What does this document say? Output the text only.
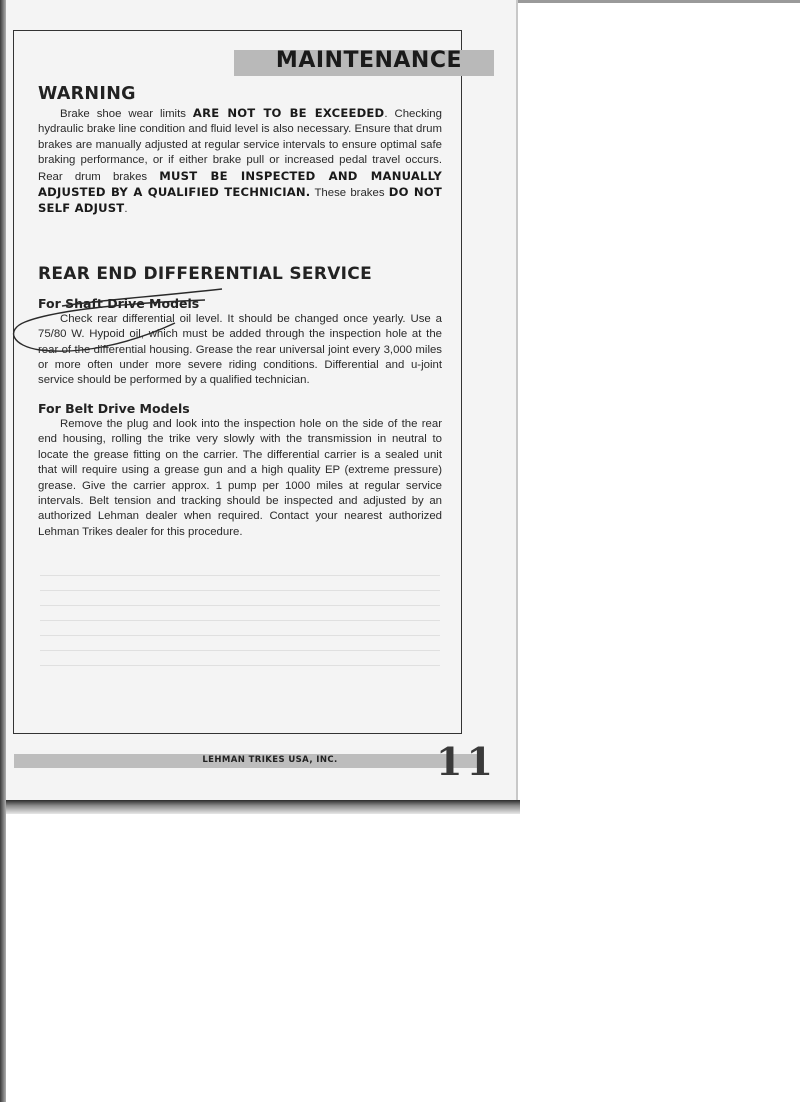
MAINTENANCE
WARNING

Brake shoe wear limits ARE NOT TO BE EXCEEDED. Checking hydraulic brake line condition and fluid level is also necessary. Ensure that drum brakes are manually adjusted at regular service intervals to ensure optimal safe braking performance, or if either brake pull or increased pedal travel occurs. Rear drum brakes MUST BE INSPECTED AND MANUALLY ADJUSTED BY A QUALIFIED TECHNICIAN. These brakes DO NOT SELF ADJUST.

REAR END DIFFERENTIAL SERVICE
For Shaft Drive Models

Check rear differential oil level. It should be changed once yearly. Use a 75/80 W. Hypoid oil, which must be added through the inspection hole at the rear of the differential housing. Grease the rear universal joint every 3,000 miles or more often under more severe riding conditions. Differential and u-joint service should be performed by a qualified technician.

For Belt Drive Models

Remove the plug and look into the inspection hole on the side of the rear end housing, rolling the trike very slowly with the transmission in neutral to locate the grease fitting on the carrier. The differential carrier is a sealed unit that will require using a grease gun and a high quality EP (extreme pressure) grease. Give the carrier approx. 1 pump per 1000 miles at regular service intervals. Belt tension and tracking should be inspected and adjusted by an authorized Lehman dealer when required. Contact your nearest authorized Lehman Trikes dealer for this procedure.

LEHMAN TRIKES USA, INC.	11
